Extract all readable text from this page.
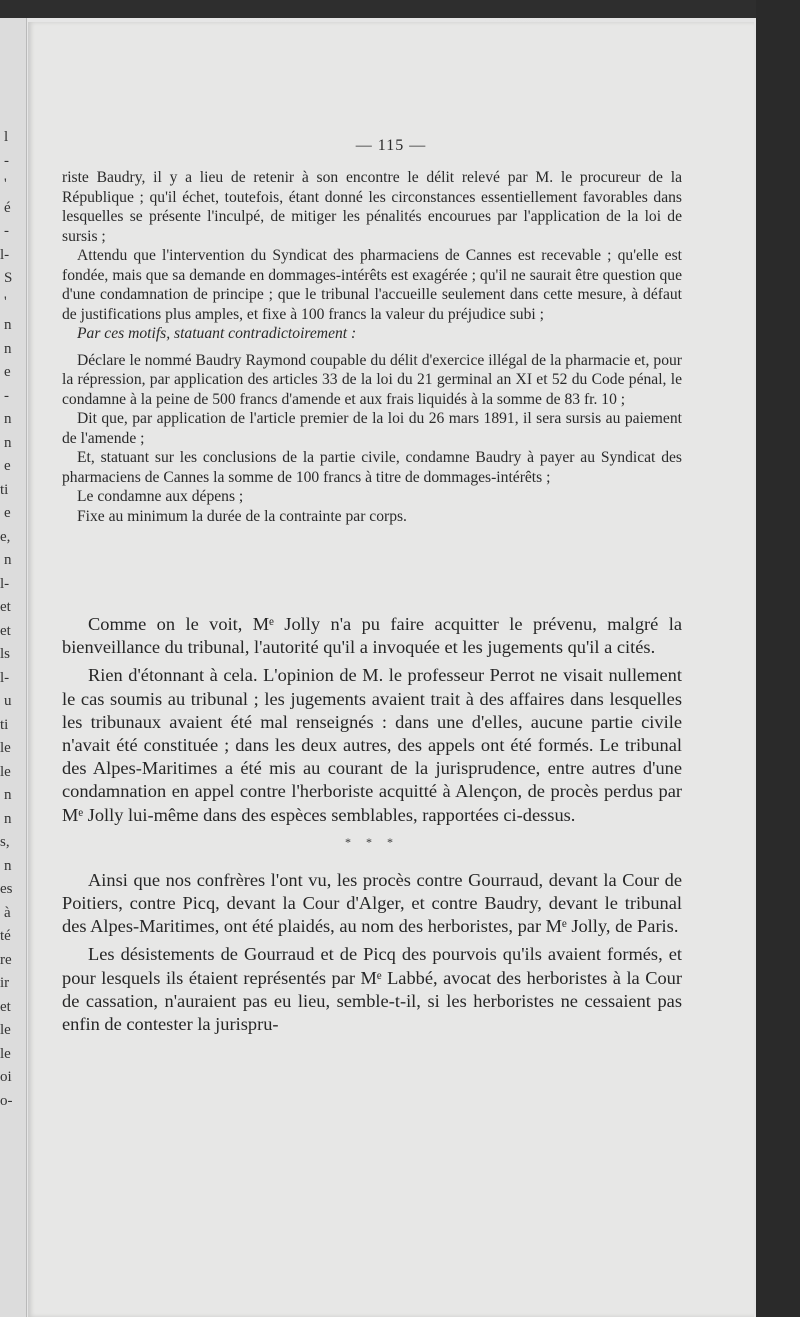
l
-
'
é
-
l-
S
'
n
n
e
-
n
n
e
ti
e
e,
n
l-
et
et
ls
l-
u
ti
le
le
n
n
s,
n
es
à
té
re
ir
et
le
le
oi
o-
— 115 —

riste Baudry, il y a lieu de retenir à son encontre le délit relevé par M. le procureur de la République ; qu'il échet, toutefois, étant donné les circonstances essentiellement favorables dans lesquelles se présente l'inculpé, de mitiger les pénalités encourues par l'application de la loi de sursis ;

Attendu que l'intervention du Syndicat des pharmaciens de Cannes est recevable ; qu'elle est fondée, mais que sa demande en dommages-intérêts est exagérée ; qu'il ne saurait être question que d'une condamnation de principe ; que le tribunal l'accueille seulement dans cette mesure, à défaut de justifications plus amples, et fixe à 100 francs la valeur du préjudice subi ;

Par ces motifs, statuant contradictoirement :

Déclare le nommé Baudry Raymond coupable du délit d'exercice illégal de la pharmacie et, pour la répression, par application des articles 33 de la loi du 21 germinal an XI et 52 du Code pénal, le condamne à la peine de 500 francs d'amende et aux frais liquidés à la somme de 83 fr. 10 ;

Dit que, par application de l'article premier de la loi du 26 mars 1891, il sera sursis au paiement de l'amende ;

Et, statuant sur les conclusions de la partie civile, condamne Baudry à payer au Syndicat des pharmaciens de Cannes la somme de 100 francs à titre de dommages-intérêts ;

Le condamne aux dépens ;

Fixe au minimum la durée de la contrainte par corps.

Comme on le voit, Mᵉ Jolly n'a pu faire acquitter le prévenu, malgré la bienveillance du tribunal, l'autorité qu'il a invoquée et les jugements qu'il a cités.

Rien d'étonnant à cela. L'opinion de M. le professeur Perrot ne visait nullement le cas soumis au tribunal ; les jugements avaient trait à des affaires dans lesquelles les tribunaux avaient été mal renseignés : dans une d'elles, aucune partie civile n'avait été constituée ; dans les deux autres, des appels ont été formés. Le tribunal des Alpes-Maritimes a été mis au courant de la jurisprudence, entre autres d'une condamnation en appel contre l'herboriste acquitté à Alençon, de procès perdus par Mᵉ Jolly lui-même dans des espèces semblables, rapportées ci-dessus.

* * *

Ainsi que nos confrères l'ont vu, les procès contre Gourraud, devant la Cour de Poitiers, contre Picq, devant la Cour d'Alger, et contre Baudry, devant le tribunal des Alpes-Maritimes, ont été plaidés, au nom des herboristes, par Mᵉ Jolly, de Paris.

Les désistements de Gourraud et de Picq des pourvois qu'ils avaient formés, et pour lesquels ils étaient représentés par Mᵉ Labbé, avocat des herboristes à la Cour de cassation, n'auraient pas eu lieu, semble-t-il, si les herboristes ne cessaient pas enfin de contester la jurispru-
